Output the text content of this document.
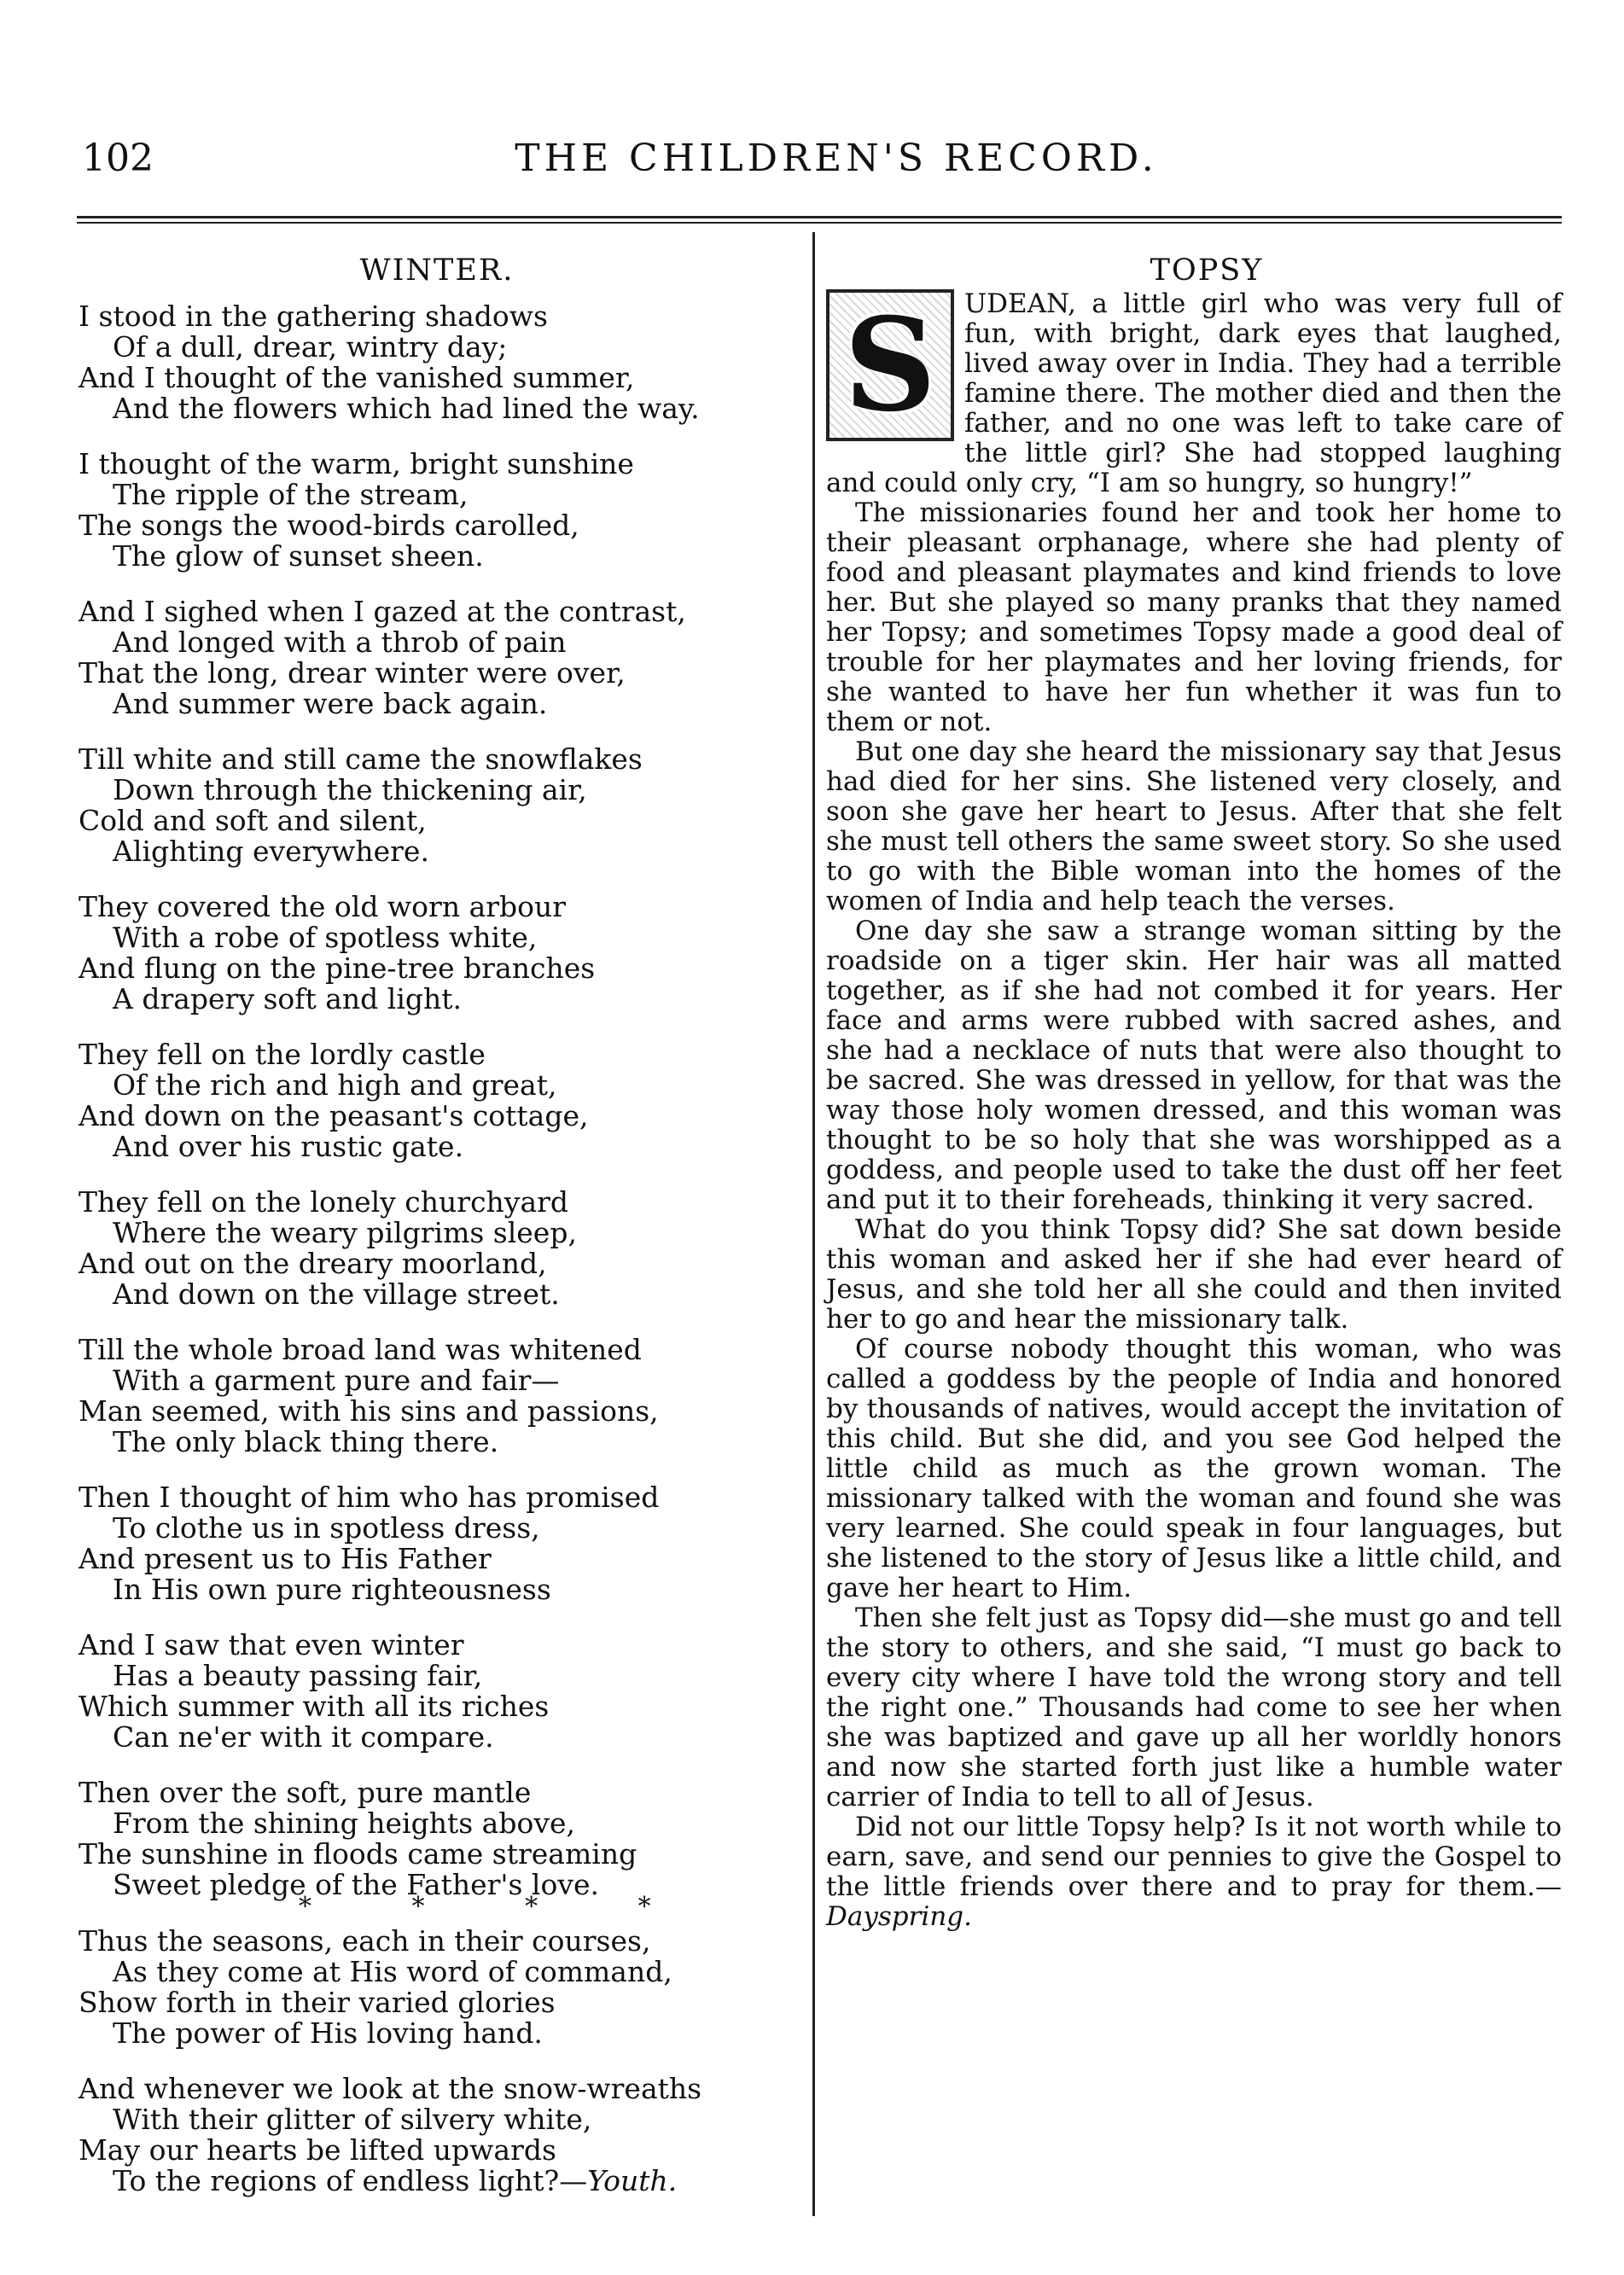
102	THE CHILDREN'S RECORD.
WINTER.
I stood in the gathering shadows
Of a dull, drear, wintry day;
And I thought of the vanished summer,
And the flowers which had lined the way.
I thought of the warm, bright sunshine
The ripple of the stream,
The songs the wood-birds carolled,
The glow of sunset sheen.
And I sighed when I gazed at the contrast,
And longed with a throb of pain
That the long, drear winter were over,
And summer were back again.
Till white and still came the snowflakes
Down through the thickening air,
Cold and soft and silent,
Alighting everywhere.
They covered the old worn arbour
With a robe of spotless white,
And flung on the pine-tree branches
A drapery soft and light.
They fell on the lordly castle
Of the rich and high and great,
And down on the peasant's cottage,
And over his rustic gate.
They fell on the lonely churchyard
Where the weary pilgrims sleep,
And out on the dreary moorland,
And down on the village street.
Till the whole broad land was whitened
With a garment pure and fair—
Man seemed, with his sins and passions,
The only black thing there.
Then I thought of him who has promised
To clothe us in spotless dress,
And present us to His Father
In His own pure righteousness
And I saw that even winter
Has a beauty passing fair,
Which summer with all its riches
Can ne'er with it compare.
Then over the soft, pure mantle
From the shining heights above,
The sunshine in floods came streaming
Sweet pledge of the Father's love.
* * * *
Thus the seasons, each in their courses,
As they come at His word of command,
Show forth in their varied glories
The power of His loving hand.
And whenever we look at the snow-wreaths
With their glitter of silvery white,
May our hearts be lifted upwards
To the regions of endless light?—Youth.
TOPSY
S	UDEAN, a little girl who was very full of fun, with bright, dark eyes that laughed, lived away over in India. They had a terrible famine there. The mother died and then the father, and no one was left to take care of the little girl? She had stopped laughing and could only cry, “I am so hungry, so hungry!”

The missionaries found her and took her home to their pleasant orphanage, where she had plenty of food and pleasant playmates and kind friends to love her. But she played so many pranks that they named her Topsy; and sometimes Topsy made a good deal of trouble for her playmates and her loving friends, for she wanted to have her fun whether it was fun to them or not.

But one day she heard the missionary say that Jesus had died for her sins. She listened very closely, and soon she gave her heart to Jesus. After that she felt she must tell others the same sweet story. So she used to go with the Bible woman into the homes of the women of India and help teach the verses.

One day she saw a strange woman sitting by the roadside on a tiger skin. Her hair was all matted together, as if she had not combed it for years. Her face and arms were rubbed with sacred ashes, and she had a necklace of nuts that were also thought to be sacred. She was dressed in yellow, for that was the way those holy women dressed, and this woman was thought to be so holy that she was worshipped as a goddess, and people used to take the dust off her feet and put it to their foreheads, thinking it very sacred.

What do you think Topsy did? She sat down beside this woman and asked her if she had ever heard of Jesus, and she told her all she could and then invited her to go and hear the missionary talk.

Of course nobody thought this woman, who was called a goddess by the people of India and honored by thousands of natives, would accept the invitation of this child. But she did, and you see God helped the little child as much as the grown woman. The missionary talked with the woman and found she was very learned. She could speak in four languages, but she listened to the story of Jesus like a little child, and gave her heart to Him.

Then she felt just as Topsy did—she must go and tell the story to others, and she said, “I must go back to every city where I have told the wrong story and tell the right one.” Thousands had come to see her when she was baptized and gave up all her worldly honors and now she started forth just like a humble water carrier of India to tell to all of Jesus.

Did not our little Topsy help? Is it not worth while to earn, save, and send our pennies to give the Gospel to the little friends over there and to pray for them.—Dayspring.
